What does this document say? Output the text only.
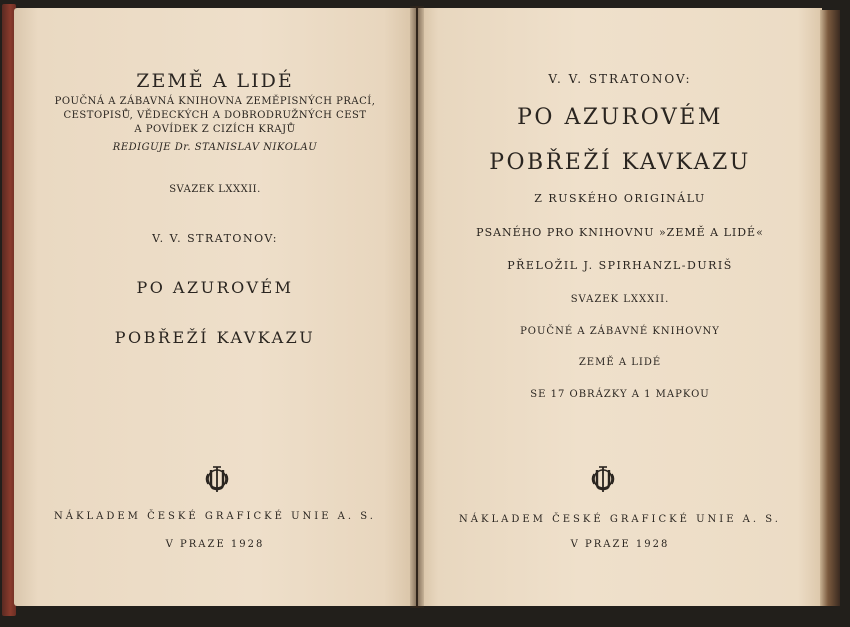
ZEMĚ A LIDÉ
POUČNÁ A ZÁBAVNÁ KNIHOVNA ZEMĚPISNÝCH PRACÍ,
CESTOPISŮ, VĚDECKÝCH A DOBRODRUŽNÝCH CEST
A POVÍDEK Z CIZÍCH KRAJŮ
REDIGUJE Dr. STANISLAV NIKOLAU
SVAZEK LXXXII.
V. V. STRATONOV:
PO AZUROVÉM
POBŘEŽÍ KAVKAZU
NÁKLADEM ČESKÉ GRAFICKÉ UNIE A. S.
V PRAZE 1928
V. V. STRATONOV:
PO AZUROVÉM
POBŘEŽÍ KAVKAZU
Z RUSKÉHO ORIGINÁLU
PSANÉHO PRO KNIHOVNU »ZEMĚ A LIDÉ«
PŘELOŽIL J. SPIRHANZL-DURIŠ
SVAZEK LXXXII.
POUČNÉ A ZÁBAVNÉ KNIHOVNY
ZEMĚ A LIDÉ
SE 17 OBRÁZKY A 1 MAPKOU
NÁKLADEM ČESKÉ GRAFICKÉ UNIE A. S.
V PRAZE 1928
